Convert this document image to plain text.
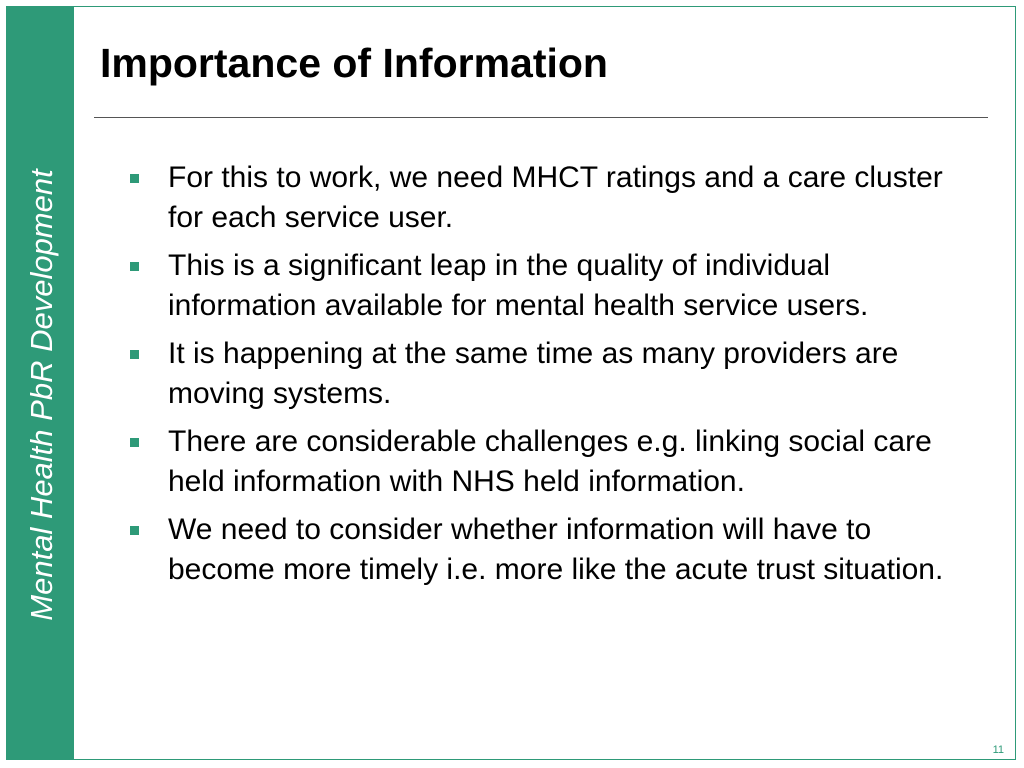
Mental Health PbR Development
Importance of Information
For this to work, we need MHCT ratings and a care cluster for each service user.
This is a significant leap in the quality of individual information available for mental health service users.
It is happening at the same time as many providers are moving systems.
There are considerable challenges e.g. linking social care held information with NHS held information.
We need to consider whether information will have to become more timely i.e. more like the acute trust situation.
11
